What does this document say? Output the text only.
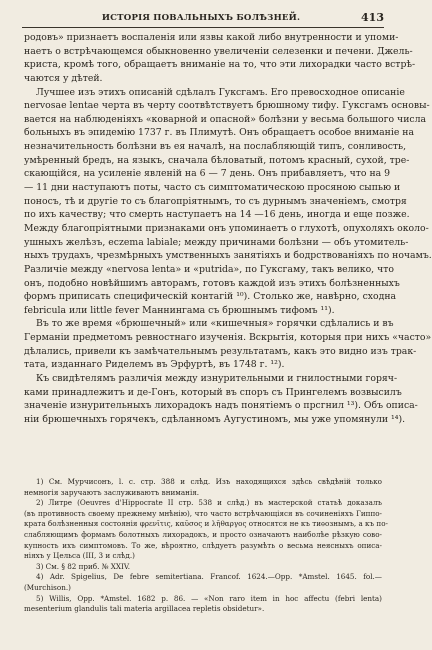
ИСТОРІЯ ПОВАЛЬНЫХЪ БОЛѢЗНЕЙ.	413
родовъ» признаетъ воспаленія или язвы какой либо внутренности и упоми-
наетъ о встрѣчающемся обыкновенно увеличеніи селезенки и печени. Джель-
криста, кромѣ того, обращаетъ вниманіе на то, что эти лихорадки часто встрѣ-
чаются у дѣтей.
Лучшее изъ этихъ описаній сдѣлалъ Гуксгамъ. Его превосходное описаніе
nervosae lentae черта въ черту соотвѣтствуетъ брюшному тифу. Гуксгамъ основы-
вается на наблюденіяхъ «коварной и опасной» болѣзни у весьма большого числа
больныхъ въ эпидемію 1737 г. въ Плимутѣ. Онъ обращаетъ особое вниманіе на
незначительность болѣзни въ ея началѣ, на послабляющій типъ, сонливость,
умѣренный бредъ, на языкъ, сначала бѣловатый, потомъ красный, сухой, тре-
скающійся, на усиленіе явленій на 6 — 7 день. Онъ прибавляетъ, что на 9
— 11 дни наступаютъ поты, часто съ симптоматическою просяною сыпью и
поносъ, тѣ и другіе то съ благопріятнымъ, то съ дурнымъ значеніемъ, смотря
по ихъ качеству; что смерть наступаетъ на 14 —16 день, иногда и еще позже.
Между благопріятными признаками онъ упоминаетъ о глухотѣ, опухоляхъ около-
ушныхъ желѣзъ, eczema labiale; между причинами болѣзни — объ утомитель-
ныхъ трудахъ, чрезмѣрныхъ умственныхъ занятіяхъ и бодрствованіяхъ по ночамъ.
Различіе между «nervosa lenta» и «putrida», по Гуксгаму, такъ велико, что
онъ, подобно новѣйшимъ авторамъ, готовъ каждой изъ этихъ болѣзненныхъ
формъ приписать специфическій контагій ¹⁰). Столько же, навѣрно, сходна
febricula или little fever Маннингама съ брюшнымъ тифомъ ¹¹).
Въ то же время «брюшечный» или «кишечныя» горячки сдѣлались и въ
Германіи предметомъ ревностнаго изученія. Вскрытія, которыя при нихъ «часто»
дѣлались, привели къ замѣчательнымъ результатамъ, какъ это видно изъ трак-
тата, изданнаго Риделемъ въ Эрфуртѣ, въ 1748 г. ¹²).
Къ свидѣтелямъ различія между изнурительными и гнилостными горяч-
ками принадлежитъ и де-Гонъ, который въ споръ съ Прингелемъ возвысилъ
значеніе изнурительныхъ лихорадокъ надъ понятіемъ о прсгнил ¹³). Объ описа-
ніи брюшечныхъ горячекъ, сдѣланномъ Аугустиномъ, мы уже упомянули ¹⁴).
1) См. Мурчисонъ, l. c. стр. 388 и слѣд. Изъ находящихся здѣсь свѣдѣній только
немногія заручаютъ заслуживаютъ вниманія.
2) Литре (Oeuvres d'Hippocrate II стр. 538 и слѣд.) въ мастерской статьѣ доказалъ
(въ противность своему прежнему мнѣнію), что часто встрѣчающіяся въ сочиненіяхъ Гиппо-
крата болѣзненныя состоянія φρενῖτις, καῦσος и λῆθαργος относятся не къ тиѳознымъ, а къ по-
слабляющимъ формамъ болотныхъ лихорадокъ, и просто означаютъ наиболѣе рѣзкую сово-
купность ихъ симптомовъ. То же, вѣроятно, слѣдуетъ разумѣть о весьма неясныхъ описа-
ніяхъ у Цельса (III, 3 и слѣд.)
3) См. § 82 приб. № XXIV.
4) Adr. Spigelius, De febre semitertiana. Francof. 1624.—Opp. *Amstel. 1645. fol.—
(Murchison.)
5) Willis, Opp. *Amstel. 1682 p. 86. — «Non raro item in hoc affectu (febri lenta)
mesenterium glandulis tali materia argillacea repletis obsidetur».
